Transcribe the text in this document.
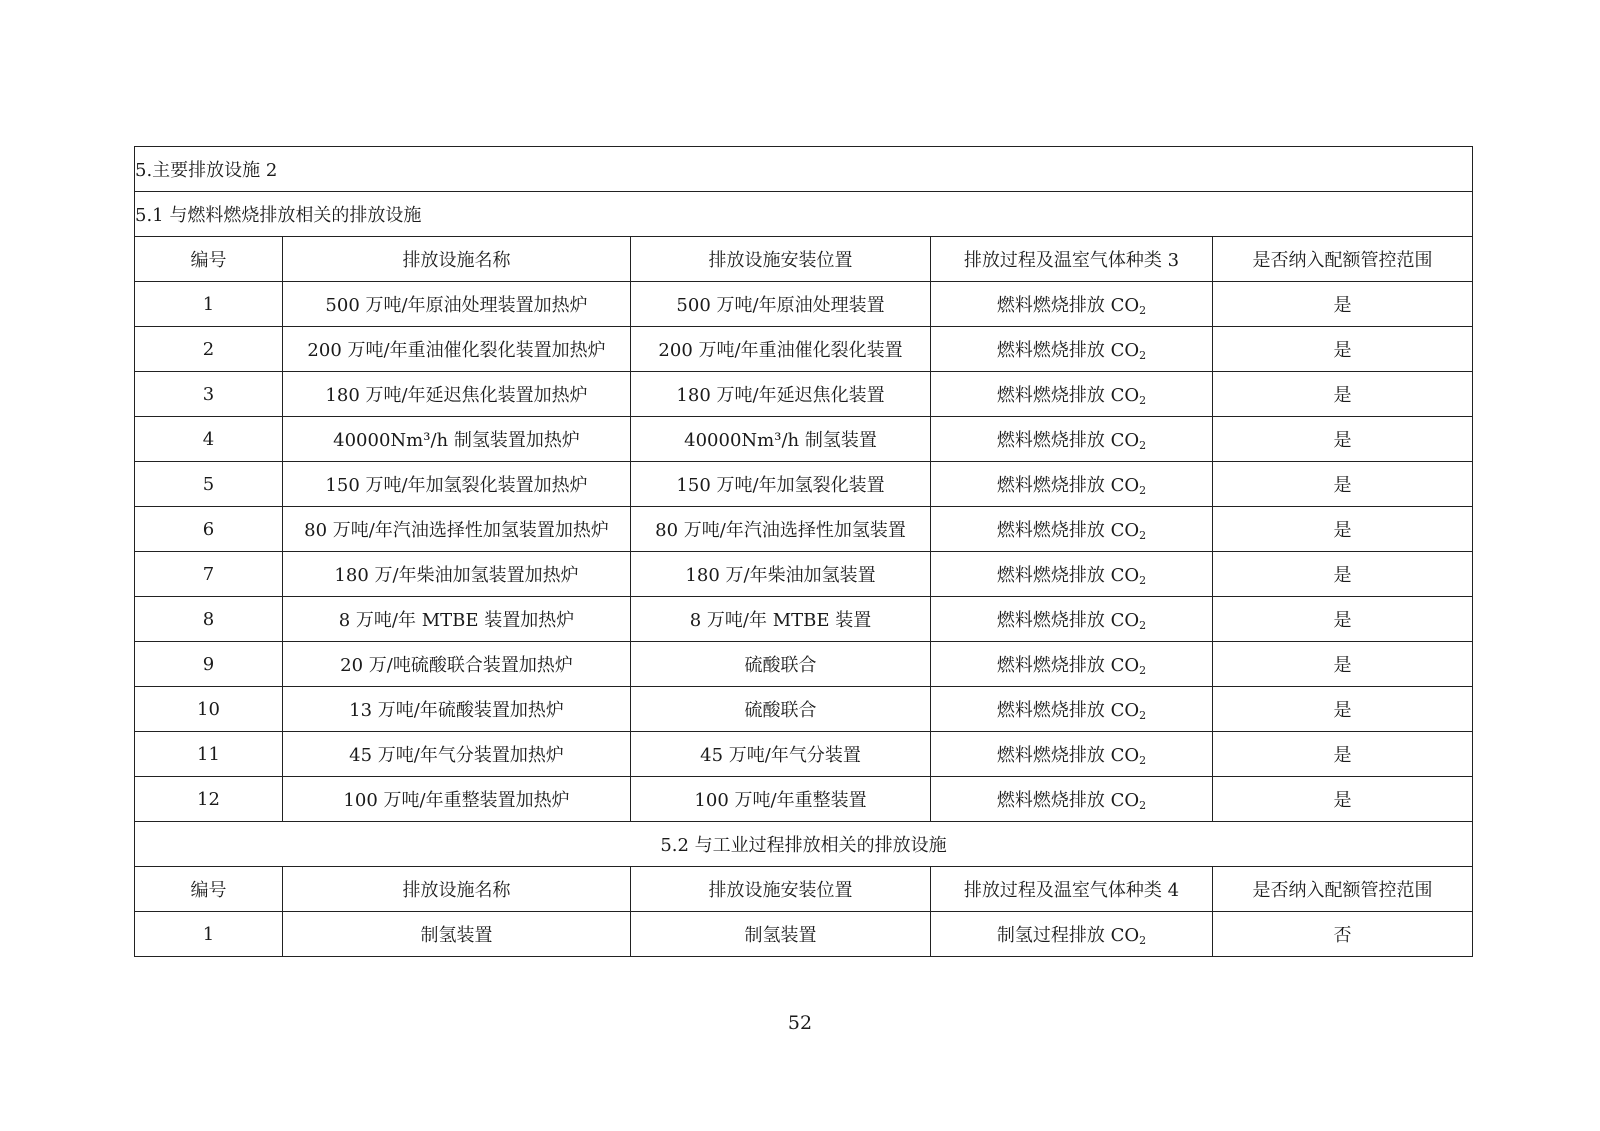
5.主要排放设施 2				
5.1 与燃料燃烧排放相关的排放设施				
编号	排放设施名称	排放设施安装位置	排放过程及温室气体种类 3	是否纳入配额管控范围
1	500 万吨/年原油处理装置加热炉	500 万吨/年原油处理装置	燃料燃烧排放 $CO_2$	是
2	200 万吨/年重油催化裂化装置加热炉	200 万吨/年重油催化裂化装置	燃料燃烧排放 $CO_2$	是
3	180 万吨/年延迟焦化装置加热炉	180 万吨/年延迟焦化装置	燃料燃烧排放 $CO_2$	是
4	40000Nm³/h 制氢装置加热炉	40000Nm³/h 制氢装置	燃料燃烧排放 $CO_2$	是
5	150 万吨/年加氢裂化装置加热炉	150 万吨/年加氢裂化装置	燃料燃烧排放 $CO_2$	是
6	80 万吨/年汽油选择性加氢装置加热炉	80 万吨/年汽油选择性加氢装置	燃料燃烧排放 $CO_2$	是
7	180 万/年柴油加氢装置加热炉	180 万/年柴油加氢装置	燃料燃烧排放 $CO_2$	是
8	8 万吨/年 MTBE 装置加热炉	8 万吨/年 MTBE 装置	燃料燃烧排放 $CO_2$	是
9	20 万/吨硫酸联合装置加热炉	硫酸联合	燃料燃烧排放 $CO_2$	是
10	13 万吨/年硫酸装置加热炉	硫酸联合	燃料燃烧排放 $CO_2$	是
11	45 万吨/年气分装置加热炉	45 万吨/年气分装置	燃料燃烧排放 $CO_2$	是
12	100 万吨/年重整装置加热炉	100 万吨/年重整装置	燃料燃烧排放 $CO_2$	是
5.2 与工业过程排放相关的排放设施				
编号	排放设施名称	排放设施安装位置	排放过程及温室气体种类 4	是否纳入配额管控范围
1	制氢装置	制氢装置	制氢过程排放 $CO_2$	否
52
